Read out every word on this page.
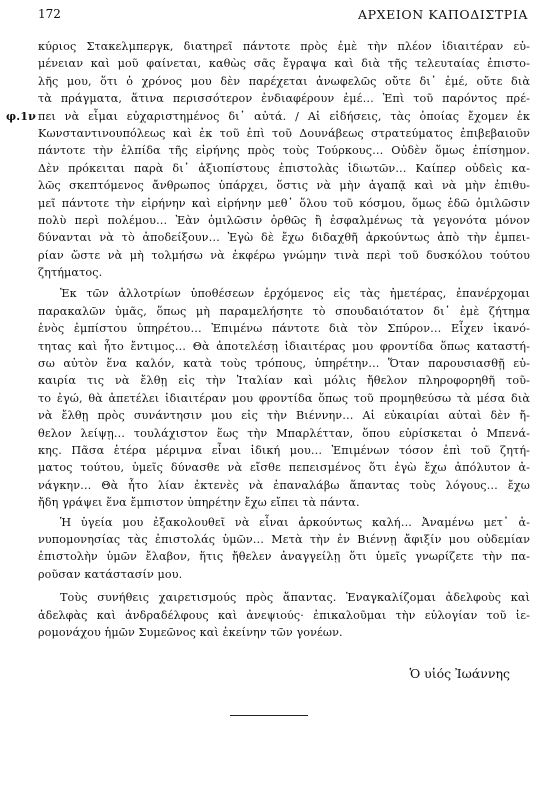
172	ΑΡΧΕΙΟΝ ΚΑΠΟΔΙΣΤΡΙΑ
κύριος Στακελμπεργκ, διατηρεῖ πάντοτε πρὸς ἐμὲ τὴν πλέον ἰδιαιτέραν εὐ-
μένειαν καὶ μοῦ φαίνεται, καθὼς σᾶς ἔγραψα καὶ διὰ τῆς τελευταίας ἐπιστο-
λῆς μου, ὅτι ὁ χρόνος μου δὲν παρέχεται ἀνωφελῶς οὔτε δι᾿ ἐμέ, οὔτε διὰ
τὰ πράγματα, ἅτινα περισσότερον ἐνδιαφέρουν ἐμέ… Ἐπὶ τοῦ παρόντος πρέ-
φ.1ν πει νὰ εἶμαι εὐχαριστημένος δι᾿ αὐτά. / Αἱ εἰδήσεις, τὰς ὁποίας ἔχομεν ἐκ
Κωνσταντινουπόλεως καὶ ἐκ τοῦ ἐπὶ τοῦ Δουνάβεως στρατεύματος ἐπιβεβαιοῦν
πάντοτε τὴν ἐλπίδα τῆς εἰρήνης πρὸς τοὺς Τούρκους… Οὐδὲν ὅμως ἐπίσημον.
Δὲν πρόκειται παρὰ δι᾿ ἀξιοπίστους ἐπιστολὰς ἰδιωτῶν… Καίπερ οὐδεὶς κα-
λῶς σκεπτόμενος ἄνθρωπος ὑπάρχει, ὅστις νὰ μὴν ἀγαπᾷ καὶ νὰ μὴν ἐπιθυ-
μεῖ πάντοτε τὴν εἰρήνην καὶ εἰρήνην μεθ᾿ ὅλου τοῦ κόσμου, ὅμως ἐδῶ ὁμιλῶσιν
πολὺ περὶ πολέμου… Ἐὰν ὁμιλῶσιν ὀρθῶς ἢ ἐσφαλμένως τὰ γεγονότα μόνον
δύνανται νὰ τὸ ἀποδείξουν… Ἐγὼ δὲ ἔχω διδαχθῆ ἀρκούντως ἀπὸ τὴν ἐμπει-
ρίαν ὥστε νὰ μὴ τολμήσω νὰ ἐκφέρω γνώμην τινὰ περὶ τοῦ δυσκόλου τούτου
ζητήματος.
Ἐκ τῶν ἀλλοτρίων ὑποθέσεων ἐρχόμενος εἰς τὰς ἡμετέρας, ἐπανέρχομαι
παρακαλῶν ὑμᾶς, ὅπως μὴ παραμελήσητε τὸ σπουδαιότατον δι᾿ ἐμὲ ζήτημα
ἑνὸς ἐμπίστου ὑπηρέτου… Ἐπιμένω πάντοτε διὰ τὸν Σπύρον… Εἶχεν ἱκανό-
τητας καὶ ἦτο ἔντιμος… Θὰ ἀποτελέσῃ ἰδιαιτέρας μου φροντίδα ὅπως καταστή-
σω αὐτὸν ἕνα καλόν, κατὰ τοὺς τρόπους, ὑπηρέτην… Ὅταν παρουσιασθῇ εὐ-
καιρία τις νὰ ἔλθῃ εἰς τὴν Ἰταλίαν καὶ μόλις ἤθελον πληροφορηθῆ τοῦ-
το ἐγώ, θὰ ἀπετέλει ἰδιαιτέραν μου φροντίδα ὅπως τοῦ προμηθεύσω τὰ μέσα διὰ
νὰ ἔλθῃ πρὸς συνάντησιν μου εἰς τὴν Βιέννην… Αἱ εὐκαιρίαι αὐταὶ δὲν ἤ-
θελον λείψῃ… τουλάχιστον ἕως τὴν Μπαρλέτταν, ὅπου εὑρίσκεται ὁ Μπενά-
κης. Πᾶσα ἑτέρα μέριμνα εἶναι ἰδική μου… Ἐπιμένων τόσον ἐπὶ τοῦ ζητή-
ματος τούτου, ὑμεῖς δύνασθε νὰ εἴσθε πεπεισμένος ὅτι ἐγὼ ἔχω ἀπόλυτον ἀ-
νάγκην… Θὰ ἦτο λίαν ἐκτενὲς νὰ ἐπαναλάβω ἅπαντας τοὺς λόγους… ἔχω
ἤδη γράψει ἕνα ἔμπιστον ὑπηρέτην ἔχω εἴπει τὰ πάντα.
Ἡ ὑγεία μου ἐξακολουθεῖ νὰ εἶναι ἀρκούντως καλή… Ἀναμένω μετ᾿ ἀ-
νυπομονησίας τὰς ἐπιστολάς ὑμῶν… Μετὰ τὴν ἐν Βιέννῃ ἄφιξίν μου οὐδεμίαν
ἐπιστολὴν ὑμῶν ἔλαβον, ἥτις ἤθελεν ἀναγγείλῃ ὅτι ὑμεῖς γνωρίζετε τὴν πα-
ροῦσαν κατάστασίν μου.
Τοὺς συνήθεις χαιρετισμούς πρὸς ἅπαντας. Ἐναγκαλίζομαι ἀδελφοὺς καὶ
ἀδελφὰς καὶ ἀνδραδέλφους καὶ ἀνεψιούς· ἐπικαλοῦμαι τὴν εὐλογίαν τοῦ ἱε-
ρομονάχου ἡμῶν Συμεῶνος καὶ ἐκείνην τῶν γονέων.
Ὁ υἱός Ἰωάννης
